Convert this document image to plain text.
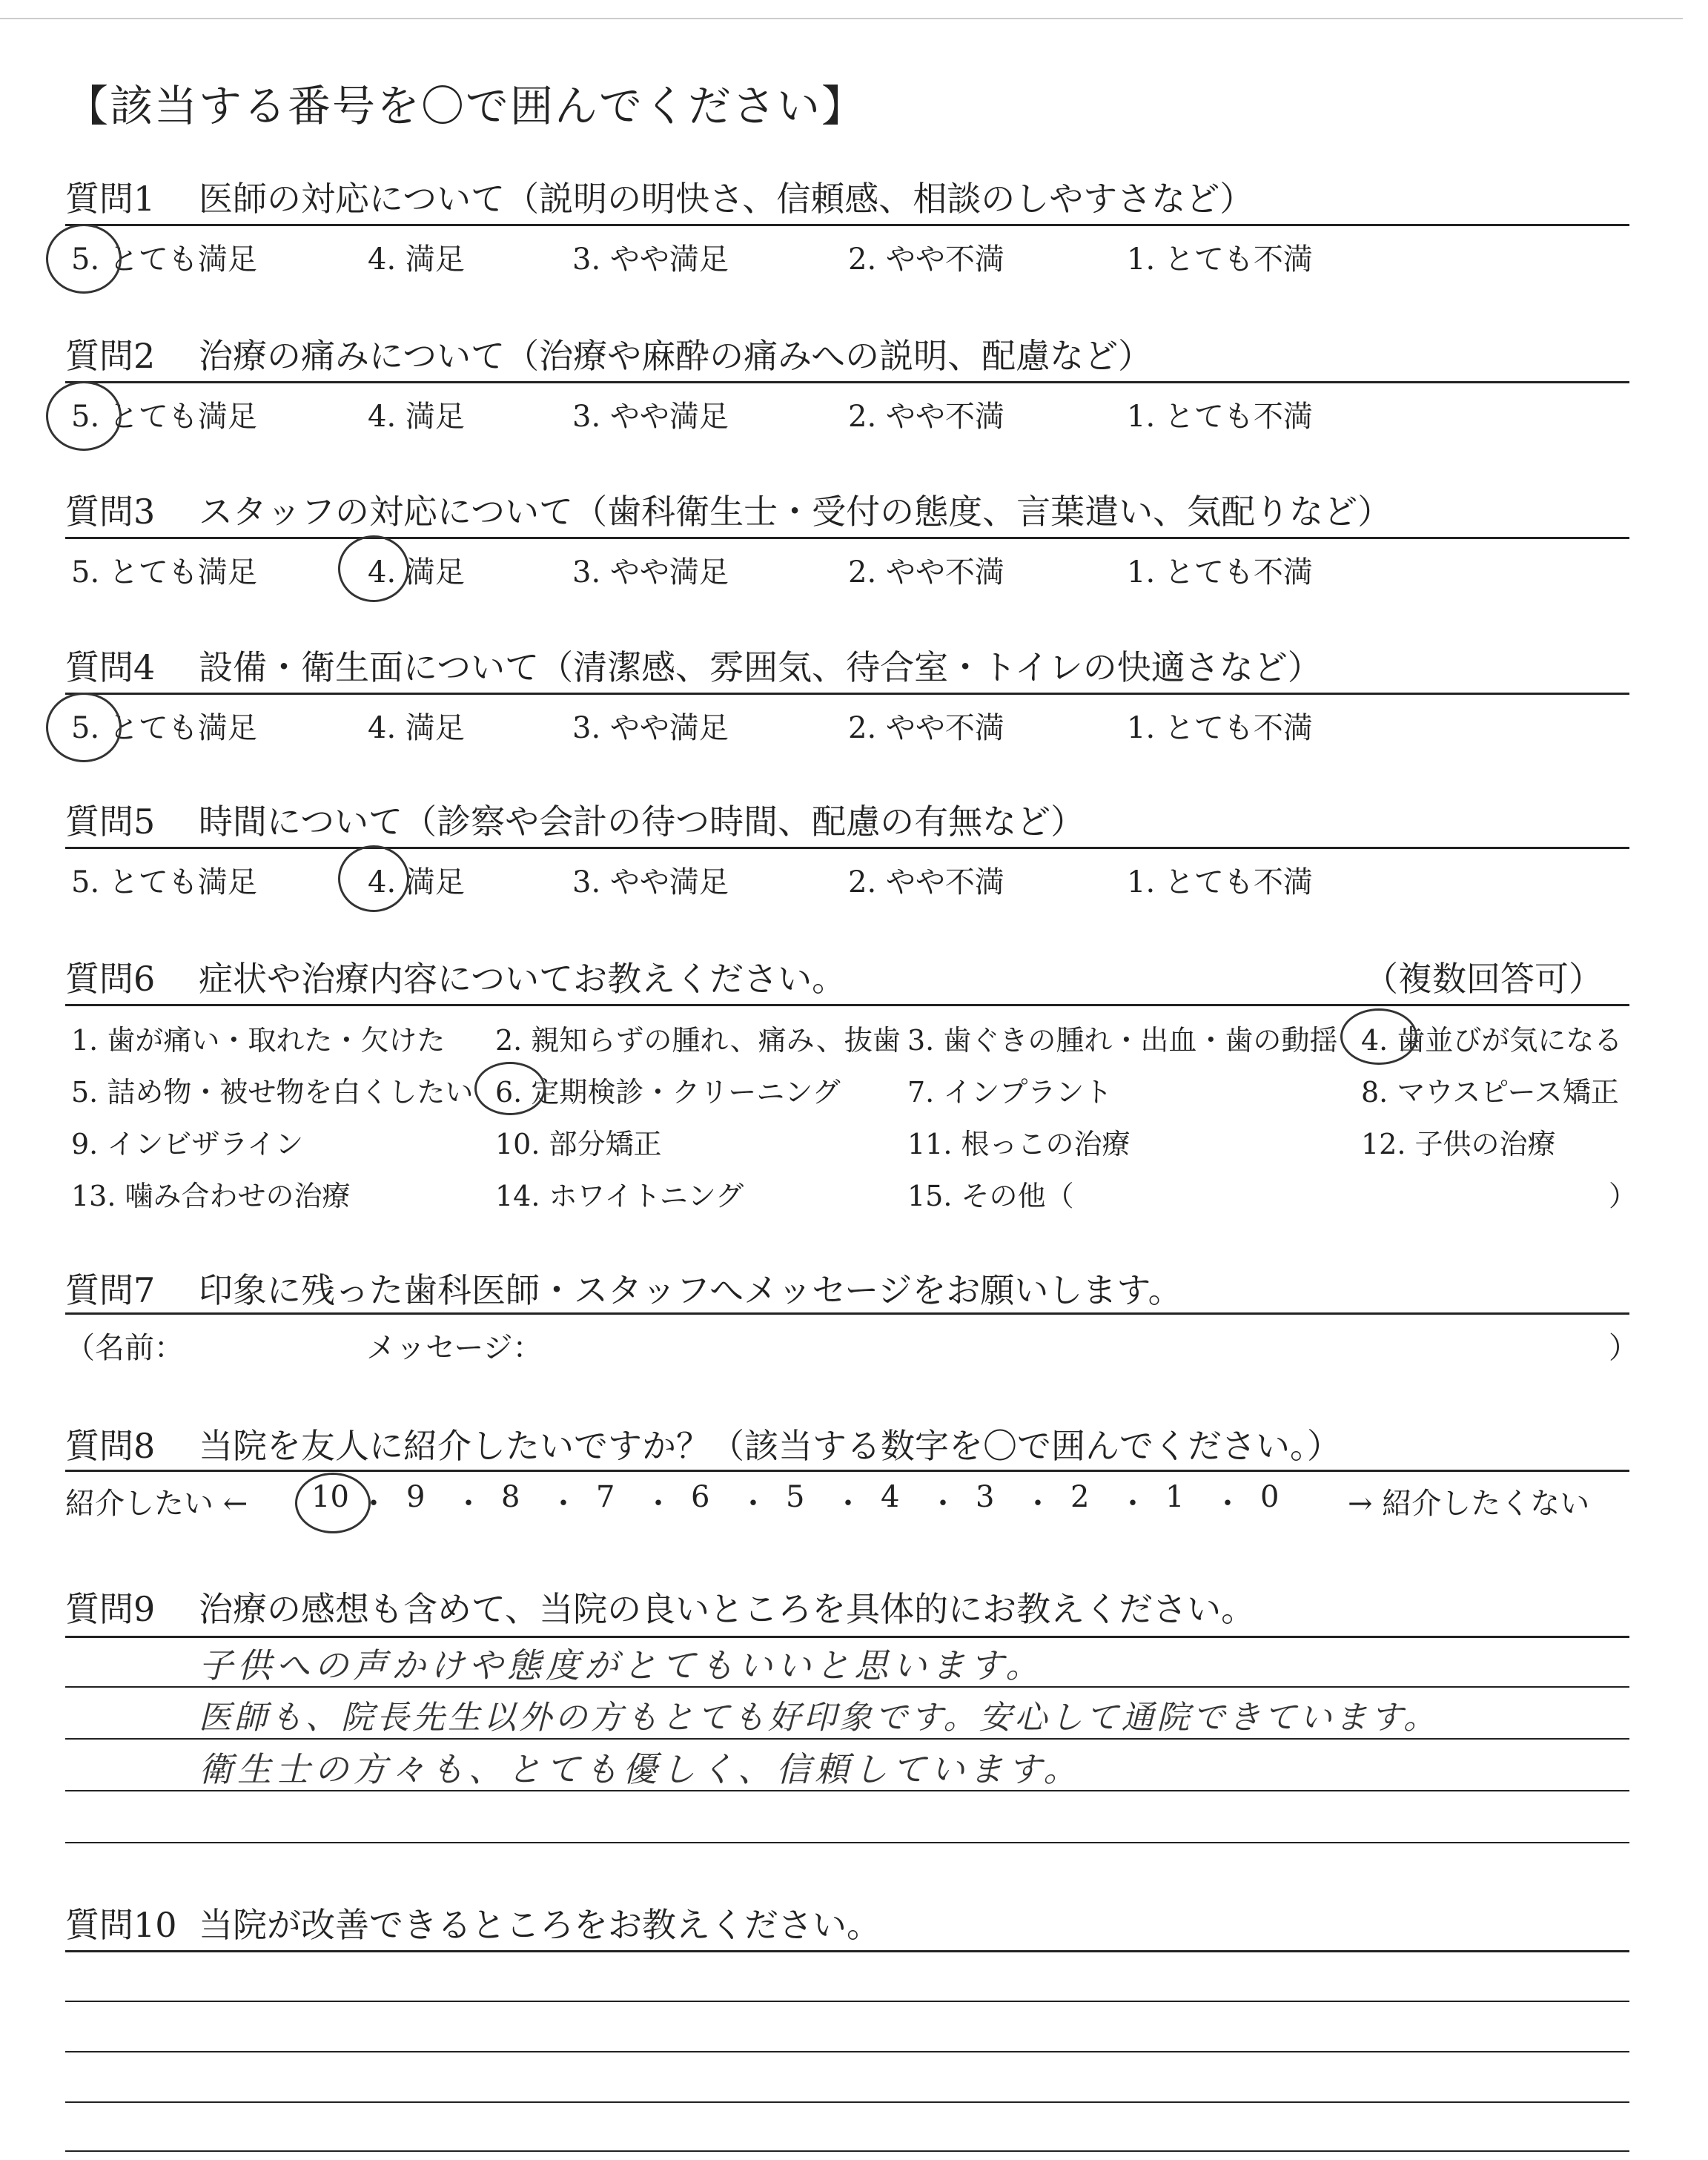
【該当する番号を〇で囲んでください】
質問1 医師の対応について（説明の明快さ、信頼感、相談のしやすさなど）
5. とても満足	4. 満足	3. やや満足	2. やや不満	1. とても不満
質問2 治療の痛みについて（治療や麻酔の痛みへの説明、配慮など）
5. とても満足	4. 満足	3. やや満足	2. やや不満	1. とても不満
質問3 スタッフの対応について（歯科衛生士・受付の態度、言葉遣い、気配りなど）
5. とても満足	4. 満足	3. やや満足	2. やや不満	1. とても不満
質問4 設備・衛生面について（清潔感、雰囲気、待合室・トイレの快適さなど）
5. とても満足	4. 満足	3. やや満足	2. やや不満	1. とても不満
質問5 時間について（診察や会計の待つ時間、配慮の有無など）
5. とても満足	4. 満足	3. やや満足	2. やや不満	1. とても不満
質問6 症状や治療内容についてお教えください。	（複数回答可）
1. 歯が痛い・取れた・欠けた 2. 親知らずの腫れ、痛み、抜歯 3. 歯ぐきの腫れ・出血・歯の動揺 4. 歯並びが気になる
5. 詰め物・被せ物を白くしたい 6. 定期検診・クリーニング 7. インプラント	8. マウスピース矯正
9. インビザライン	10. 部分矯正	11. 根っこの治療	12. 子供の治療
13. 噛み合わせの治療	14. ホワイトニング	15. その他（	）
質問7 印象に残った歯科医師・スタッフへメッセージをお願いします。
（名前：	メッセージ：	）
質問8 当院を友人に紹介したいですか？（該当する数字を〇で囲んでください。）
紹介したい ← 10 ・ 9 ・ 8 ・ 7 ・ 6 ・ 5 ・ 4 ・ 3 ・ 2 ・ 1 ・ 0 → 紹介したくない
質問9 治療の感想も含めて、当院の良いところを具体的にお教えください。
子供への声かけや態度がとてもいいと思います。
医師も、院長先生以外の方もとても好印象です。安心して通院できています。
衛生士の方々も、とても優しく、信頼しています。
質問10 当院が改善できるところをお教えください。
